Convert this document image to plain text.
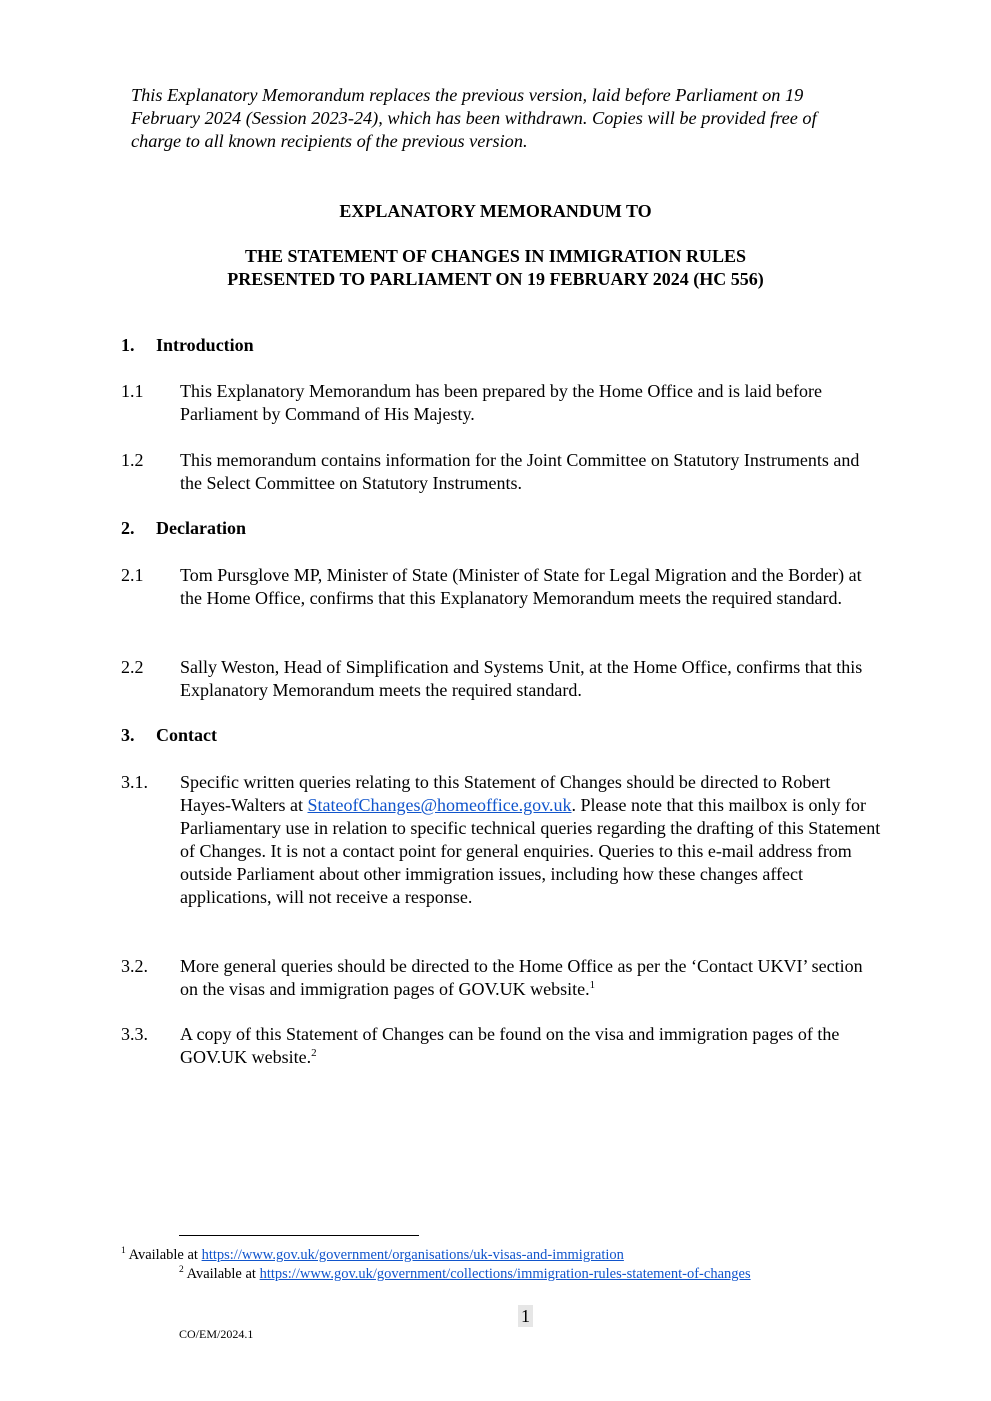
This Explanatory Memorandum replaces the previous version, laid before Parliament on 19 February 2024 (Session 2023-24), which has been withdrawn. Copies will be provided free of charge to all known recipients of the previous version.

EXPLANATORY MEMORANDUM TO

THE STATEMENT OF CHANGES IN IMMIGRATION RULES
PRESENTED TO PARLIAMENT ON 19 FEBRUARY 2024 (HC 556)

1. Introduction

1.1 This Explanatory Memorandum has been prepared by the Home Office and is laid before Parliament by Command of His Majesty.
1.2 This memorandum contains information for the Joint Committee on Statutory Instruments and the Select Committee on Statutory Instruments.

2. Declaration

2.1 Tom Pursglove MP, Minister of State (Minister of State for Legal Migration and the Border) at the Home Office, confirms that this Explanatory Memorandum meets the required standard.
2.2 Sally Weston, Head of Simplification and Systems Unit, at the Home Office, confirms that this Explanatory Memorandum meets the required standard.

3. Contact

3.1. Specific written queries relating to this Statement of Changes should be directed to Robert Hayes-Walters at StateofChanges@homeoffice.gov.uk. Please note that this mailbox is only for Parliamentary use in relation to specific technical queries regarding the drafting of this Statement of Changes. It is not a contact point for general enquiries. Queries to this e-mail address from outside Parliament about other immigration issues, including how these changes affect applications, will not receive a response.
3.2. More general queries should be directed to the Home Office as per the ‘Contact UKVI’ section on the visas and immigration pages of GOV.UK website.$^1$
3.3. A copy of this Statement of Changes can be found on the visa and immigration pages of the GOV.UK website.$^2$
$^1$ Available at https://www.gov.uk/government/organisations/uk-visas-and-immigration
$^2$ Available at https://www.gov.uk/government/collections/immigration-rules-statement-of-changes
1
CO/EM/2024.1
